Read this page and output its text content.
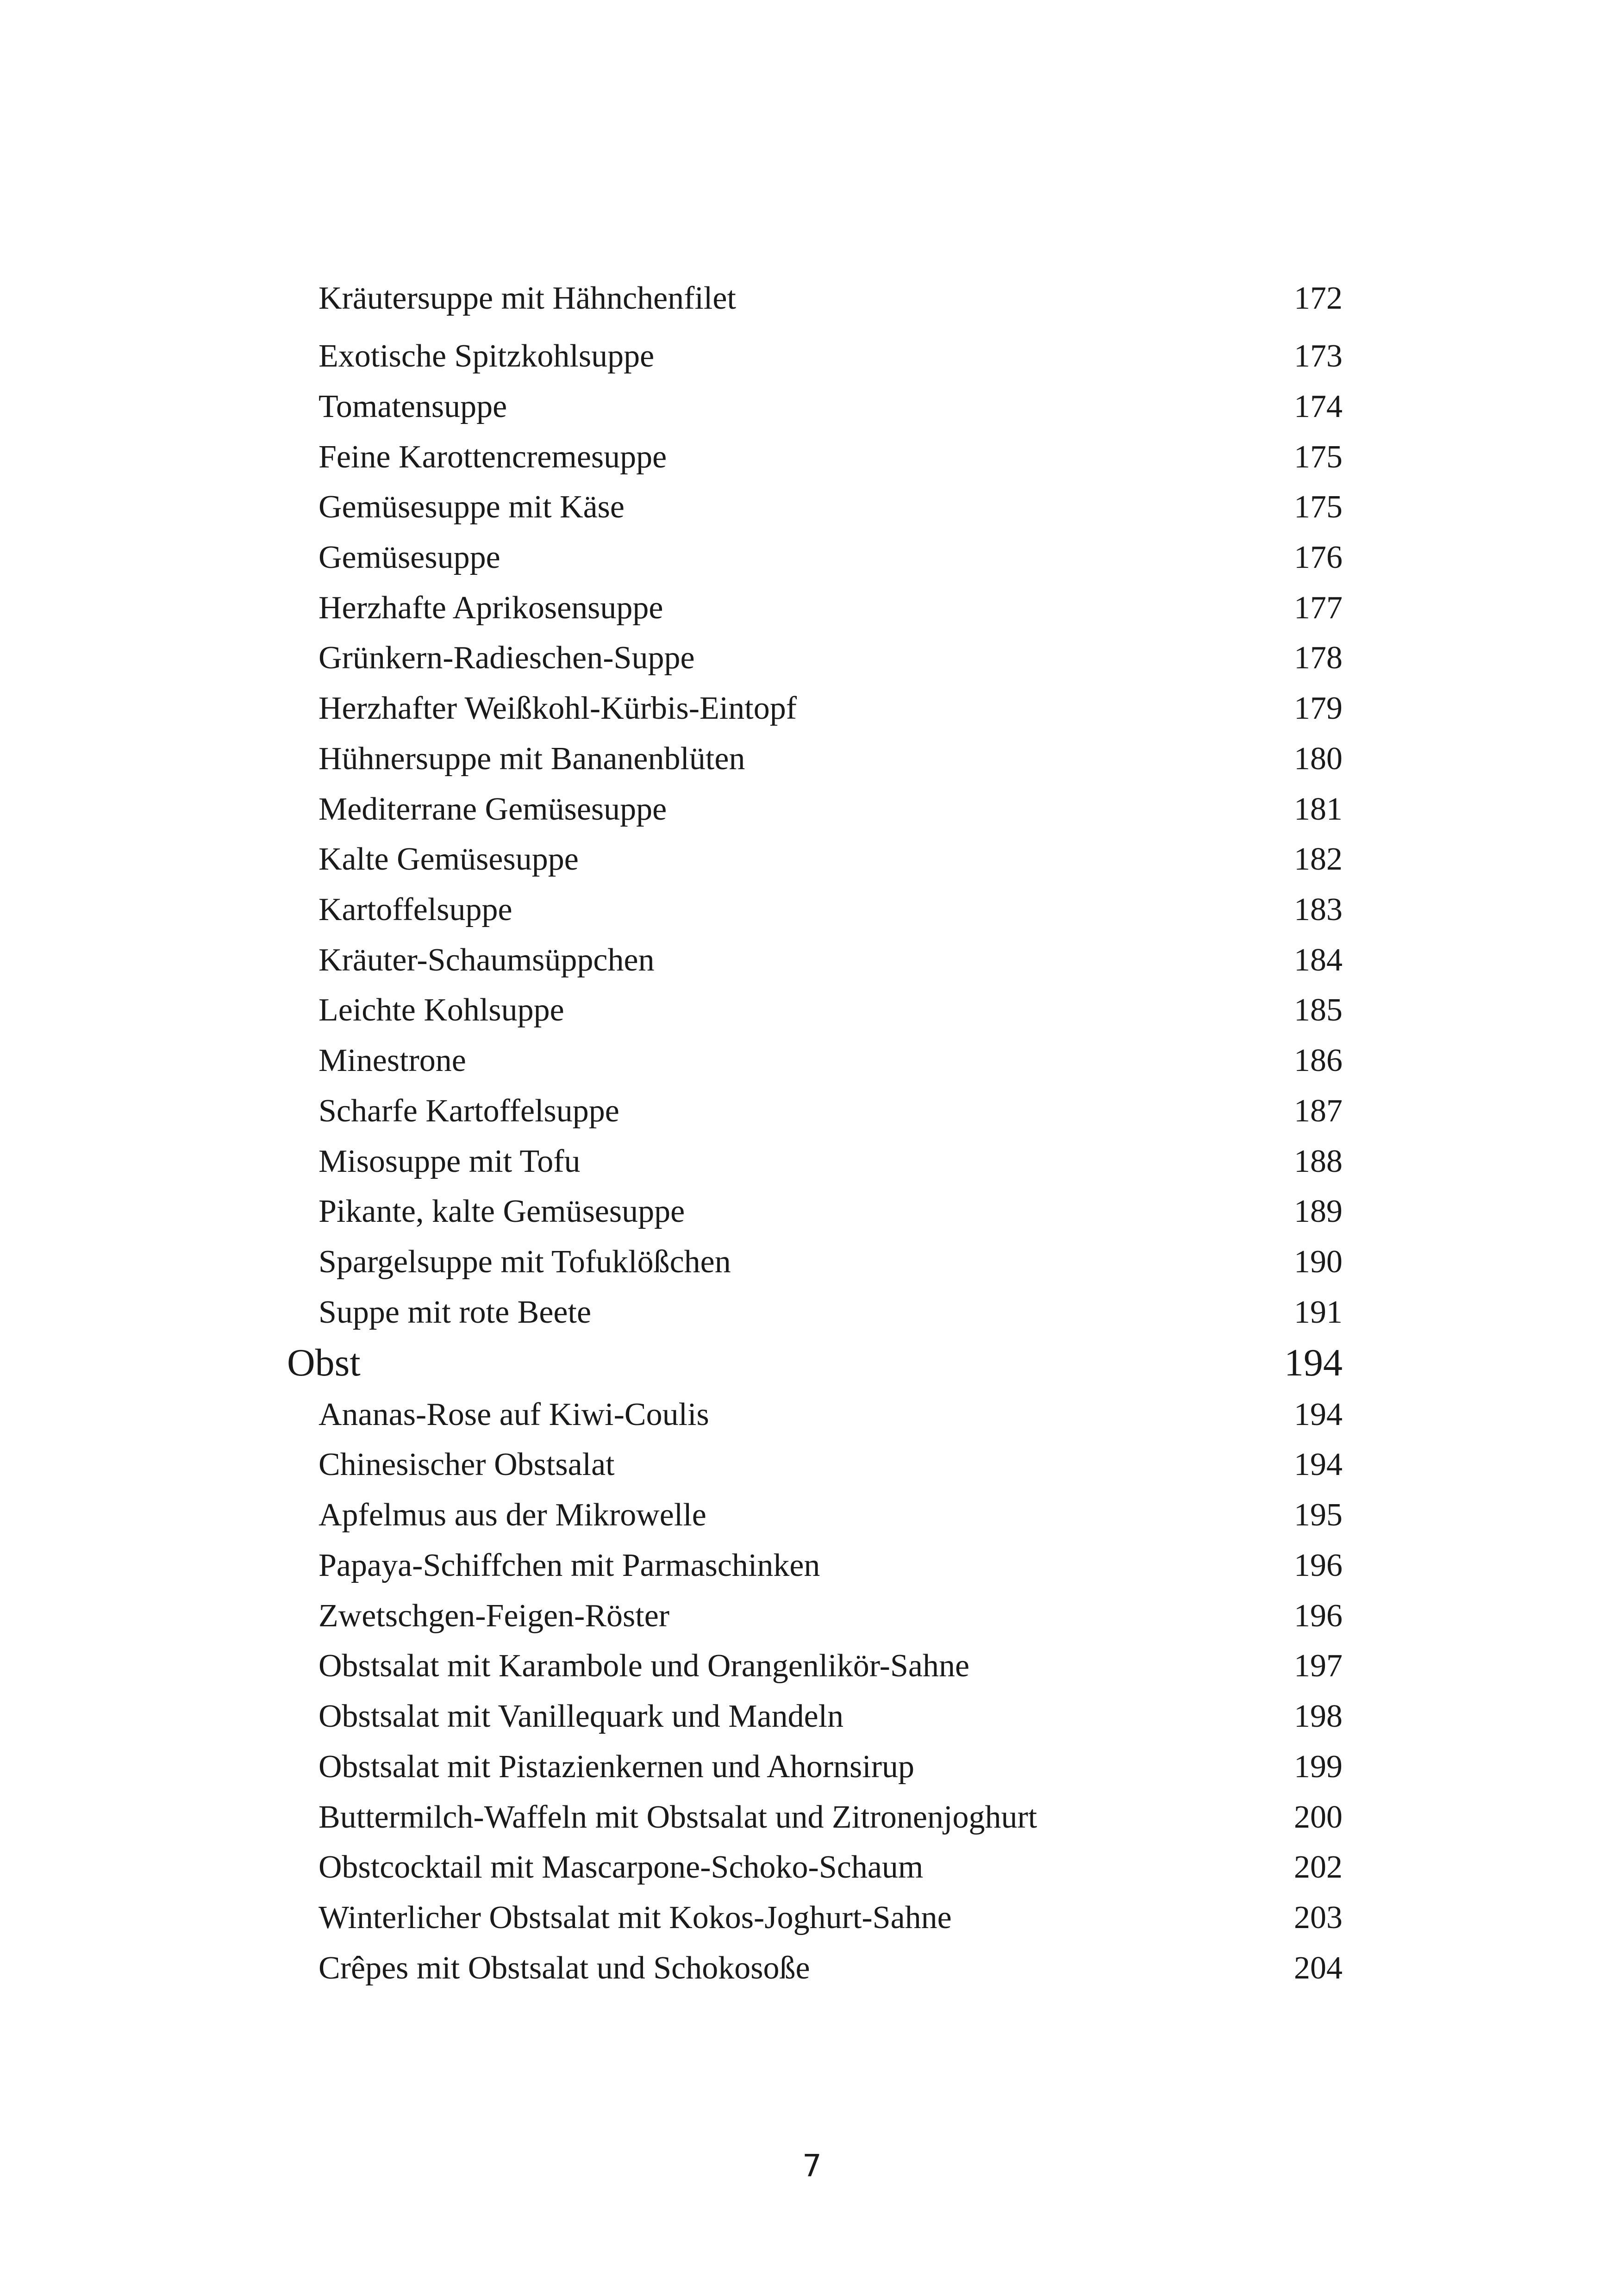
Kräutersuppe mit Hähnchenfilet	172
Exotische Spitzkohlsuppe	173
Tomatensuppe	174
Feine Karottencremesuppe	175
Gemüsesuppe mit Käse	175
Gemüsesuppe	176
Herzhafte Aprikosensuppe	177
Grünkern-Radieschen-Suppe	178
Herzhafter Weißkohl-Kürbis-Eintopf	179
Hühnersuppe mit Bananenblüten	180
Mediterrane Gemüsesuppe	181
Kalte Gemüsesuppe	182
Kartoffelsuppe	183
Kräuter-Schaumsüppchen	184
Leichte Kohlsuppe	185
Minestrone	186
Scharfe Kartoffelsuppe	187
Misosuppe mit Tofu	188
Pikante, kalte Gemüsesuppe	189
Spargelsuppe mit Tofuklößchen	190
Suppe mit rote Beete	191
Obst	194
Ananas-Rose auf Kiwi-Coulis	194
Chinesischer Obstsalat	194
Apfelmus aus der Mikrowelle	195
Papaya-Schiffchen mit Parmaschinken	196
Zwetschgen-Feigen-Röster	196
Obstsalat mit Karambole und Orangenlikör-Sahne	197
Obstsalat mit Vanillequark und Mandeln	198
Obstsalat mit Pistazienkernen und Ahornsirup	199
Buttermilch-Waffeln mit Obstsalat und Zitronenjoghurt	200
Obstcocktail mit Mascarpone-Schoko-Schaum	202
Winterlicher Obstsalat mit Kokos-Joghurt-Sahne	203
Crêpes mit Obstsalat und Schokosoße	204
7
